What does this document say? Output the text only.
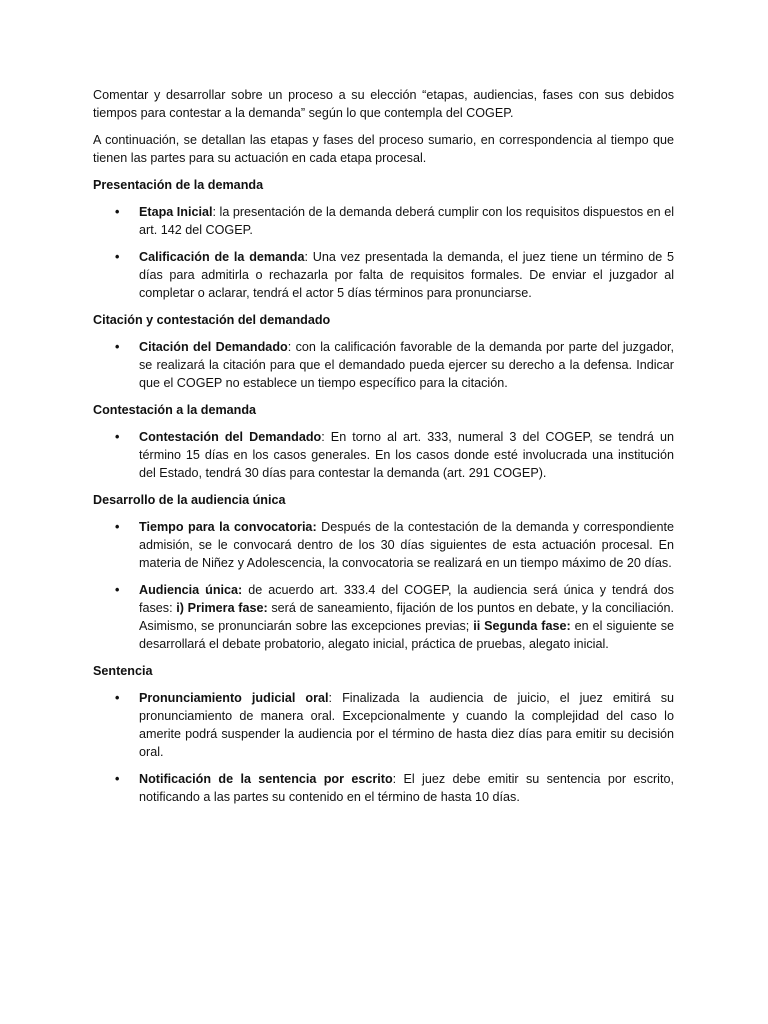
Comentar y desarrollar sobre un proceso a su elección “etapas, audiencias, fases con sus debidos tiempos para contestar a la demanda” según lo que contempla del COGEP.

A continuación, se detallan las etapas y fases del proceso sumario, en correspondencia al tiempo que tienen las partes para su actuación en cada etapa procesal.

Presentación de la demanda

• Etapa Inicial: la presentación de la demanda deberá cumplir con los requisitos dispuestos en el art. 142 del COGEP.
• Calificación de la demanda: Una vez presentada la demanda, el juez tiene un término de 5 días para admitirla o rechazarla por falta de requisitos formales. De enviar el juzgador al completar o aclarar, tendrá el actor 5 días términos para pronunciarse.

Citación y contestación del demandado

• Citación del Demandado: con la calificación favorable de la demanda por parte del juzgador, se realizará la citación para que el demandado pueda ejercer su derecho a la defensa. Indicar que el COGEP no establece un tiempo específico para la citación.

Contestación a la demanda

• Contestación del Demandado: En torno al art. 333, numeral 3 del COGEP, se tendrá un término 15 días en los casos generales. En los casos donde esté involucrada una institución del Estado, tendrá 30 días para contestar la demanda (art. 291 COGEP).

Desarrollo de la audiencia única

• Tiempo para la convocatoria: Después de la contestación de la demanda y correspondiente admisión, se le convocará dentro de los 30 días siguientes de esta actuación procesal. En materia de Niñez y Adolescencia, la convocatoria se realizará en un tiempo máximo de 20 días.
• Audiencia única: de acuerdo art. 333.4 del COGEP, la audiencia será única y tendrá dos fases: i) Primera fase: será de saneamiento, fijación de los puntos en debate, y la conciliación. Asimismo, se pronunciarán sobre las excepciones previas; ii Segunda fase: en el siguiente se desarrollará el debate probatorio, alegato inicial, práctica de pruebas, alegato inicial.

Sentencia

• Pronunciamiento judicial oral: Finalizada la audiencia de juicio, el juez emitirá su pronunciamiento de manera oral. Excepcionalmente y cuando la complejidad del caso lo amerite podrá suspender la audiencia por el término de hasta diez días para emitir su decisión oral.
• Notificación de la sentencia por escrito: El juez debe emitir su sentencia por escrito, notificando a las partes su contenido en el término de hasta 10 días.
